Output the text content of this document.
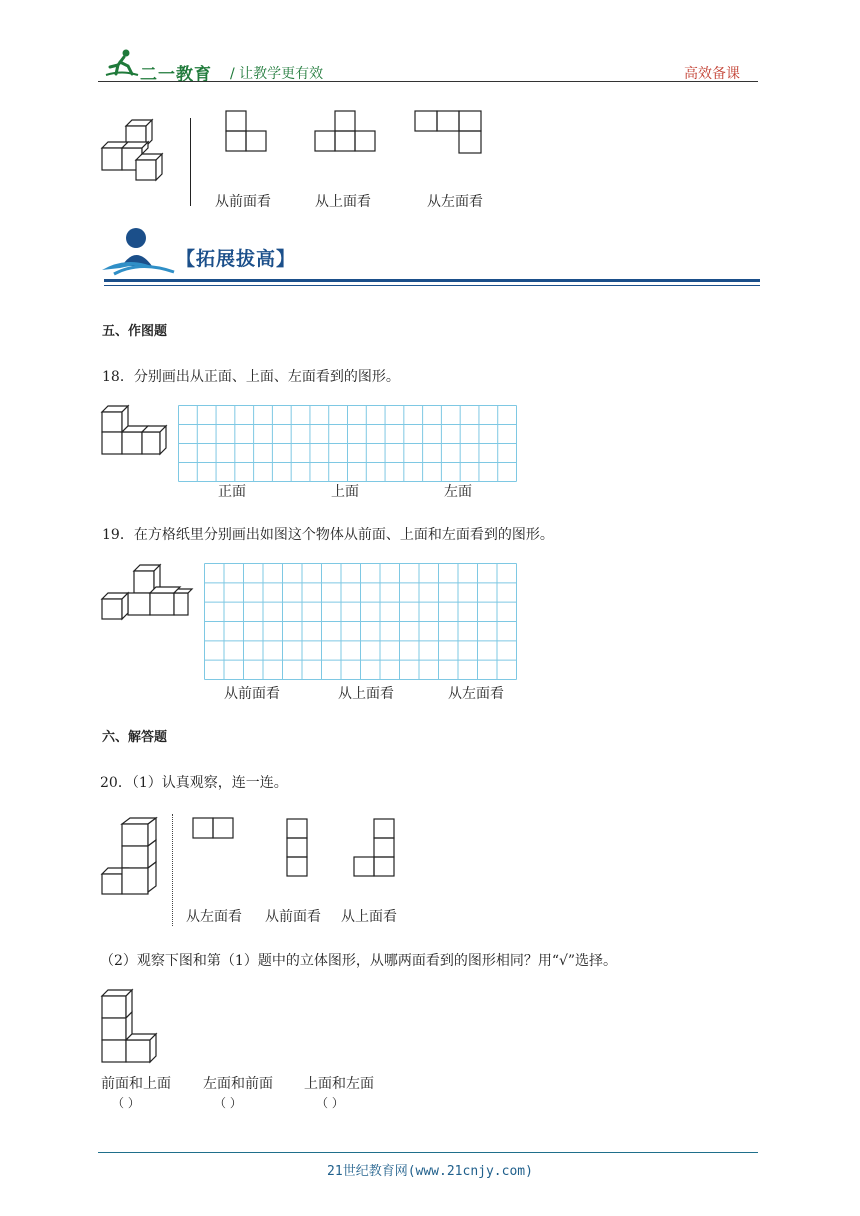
二一教育 / 让教学更有效	高效备课
从前面看	从上面看	从左面看
【拓展拔高】
五、作图题
18．分别画出从正面、上面、左面看到的图形。
正面	上面	左面
19．在方格纸里分别画出如图这个物体从前面、上面和左面看到的图形。
从前面看	从上面看	从左面看
六、解答题
20．（1）认真观察，连一连。
从左面看 从前面看 从上面看
（2）观察下图和第（1）题中的立体图形，从哪两面看到的图形相同？用“√”选择。
前面和上面 左面和前面 上面和左面
（ ）	（ ）	（ ）
21世纪教育网(www.21cnjy.com)
